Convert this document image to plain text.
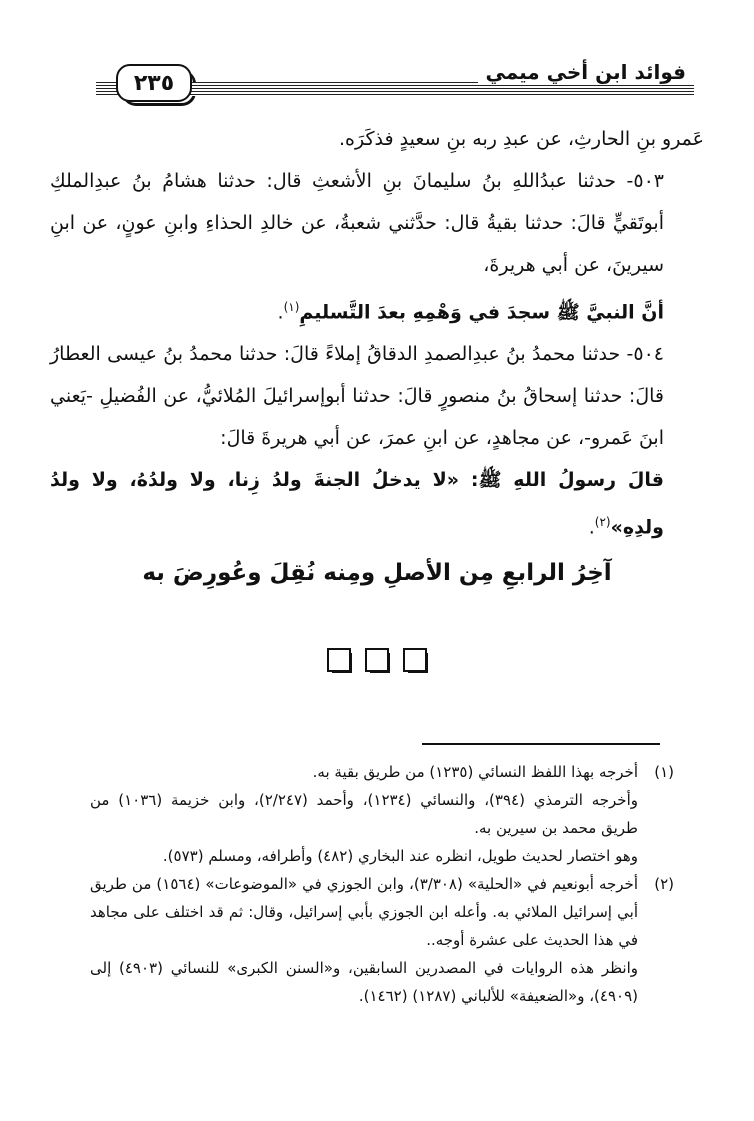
فوائد ابن أخي ميمي
٢٣٥

عَمرو بنِ الحارثِ، عن عبدِ ربه بنِ سعيدٍ فذكَرَه.

٥٠٣- حدثنا عبدُاللهِ بنُ سليمانَ بنِ الأشعثِ قال: حدثنا هشامُ بنُ عبدِالملكِ أبوتَقيٍّ قالَ: حدثنا بقيةُ قال: حدَّثني شعبةُ، عن خالدِ الحذاءِ وابنِ عونٍ، عن ابنِ سيرينَ، عن أبي هريرةَ،

أنَّ النبيَّ ﷺ سجدَ في وَهْمِهِ بعدَ التَّسليمِ$^{(١)}$.

٥٠٤- حدثنا محمدُ بنُ عبدِالصمدِ الدقاقُ إملاءً قالَ: حدثنا محمدُ بنُ عيسى العطارُ قالَ: حدثنا إسحاقُ بنُ منصورٍ قالَ: حدثنا أبوإسرائيلَ المُلائيُّ، عن الفُضيلِ -يَعني ابنَ عَمرو-، عن مجاهدٍ، عن ابنِ عمرَ، عن أبي هريرةَ قالَ:

قالَ رسولُ اللهِ ﷺ: «لا يدخلُ الجنةَ ولدُ زِنا، ولا ولدُهُ، ولا ولدُ ولدِهِ»$^{(٢)}$.

آخِرُ الرابعِ مِن الأصلِ ومِنه نُقِلَ وعُورِضَ به
(١)
أخرجه بهذا اللفظ النسائي (١٢٣٥) من طريق بقية به.
وأخرجه الترمذي (٣٩٤)، والنسائي (١٢٣٤)، وأحمد (٢/٢٤٧)، وابن خزيمة (١٠٣٦) من طريق محمد بن سيرين به.
وهو اختصار لحديث طويل، انظره عند البخاري (٤٨٢) وأطرافه، ومسلم (٥٧٣).
(٢)
أخرجه أبونعيم في «الحلية» (٣/٣٠٨)، وابن الجوزي في «الموضوعات» (١٥٦٤) من طريق أبي إسرائيل الملائي به. وأعله ابن الجوزي بأبي إسرائيل، وقال: ثم قد اختلف على مجاهد في هذا الحديث على عشرة أوجه..
وانظر هذه الروايات في المصدرين السابقين، و«السنن الكبرى» للنسائي (٤٩٠٣) إلى (٤٩٠٩)، و«الضعيفة» للألباني (١٢٨٧) (١٤٦٢).
